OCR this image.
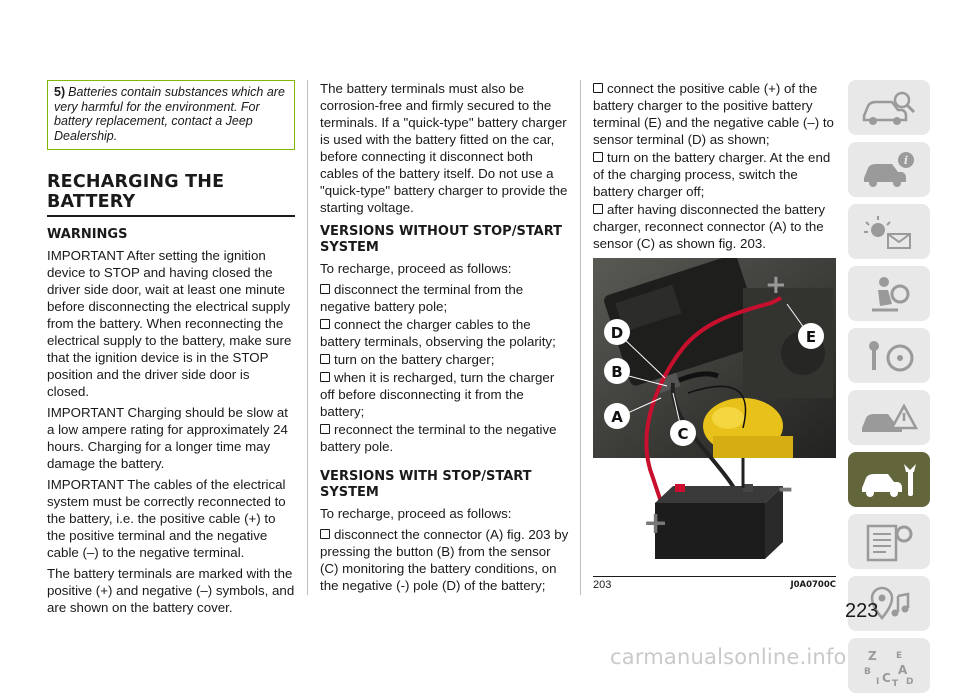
5) Batteries contain substances which are very harmful for the environment. For battery replacement, contact a Jeep Dealership.
RECHARGING THE BATTERY
WARNINGS

IMPORTANT After setting the ignition device to STOP and having closed the driver side door, wait at least one minute before disconnecting the electrical supply from the battery. When reconnecting the electrical supply to the battery, make sure that the ignition device is in the STOP position and the driver side door is closed.

IMPORTANT Charging should be slow at a low ampere rating for approximately 24 hours. Charging for a longer time may damage the battery.

IMPORTANT The cables of the electrical system must be correctly reconnected to the battery, i.e. the positive cable (+) to the positive terminal and the negative cable (–) to the negative terminal.

The battery terminals are marked with the positive (+) and negative (–) symbols, and are shown on the battery cover.

The battery terminals must also be corrosion-free and firmly secured to the terminals. If a "quick-type" battery charger is used with the battery fitted on the car, before connecting it disconnect both cables of the battery itself. Do not use a "quick-type" battery charger to provide the starting voltage.

VERSIONS WITHOUT STOP/START SYSTEM

To recharge, proceed as follows:

disconnect the terminal from the negative battery pole;
connect the charger cables to the battery terminals, observing the polarity;
turn on the battery charger;
when it is recharged, turn the charger off before disconnecting it from the battery;
reconnect the terminal to the negative battery pole.
VERSIONS WITH STOP/START SYSTEM

To recharge, proceed as follows:

disconnect the connector (A) fig. 203 by pressing the button (B) from the sensor (C) monitoring the battery conditions, on the negative (-) pole (D) of the battery;
connect the positive cable (+) of the battery charger to the positive battery terminal (E) and the negative cable (–) to sensor terminal (D) as shown;
turn on the battery charger. At the end of the charging process, switch the battery charger off;
after having disconnected the battery charger, reconnect connector (A) to the sensor (C) as shown fig. 203.
+
–
+
D
B
A
C
E
203	J0A0700C
i
Z E
B A
I C T D
223
carmanualsonline.info
